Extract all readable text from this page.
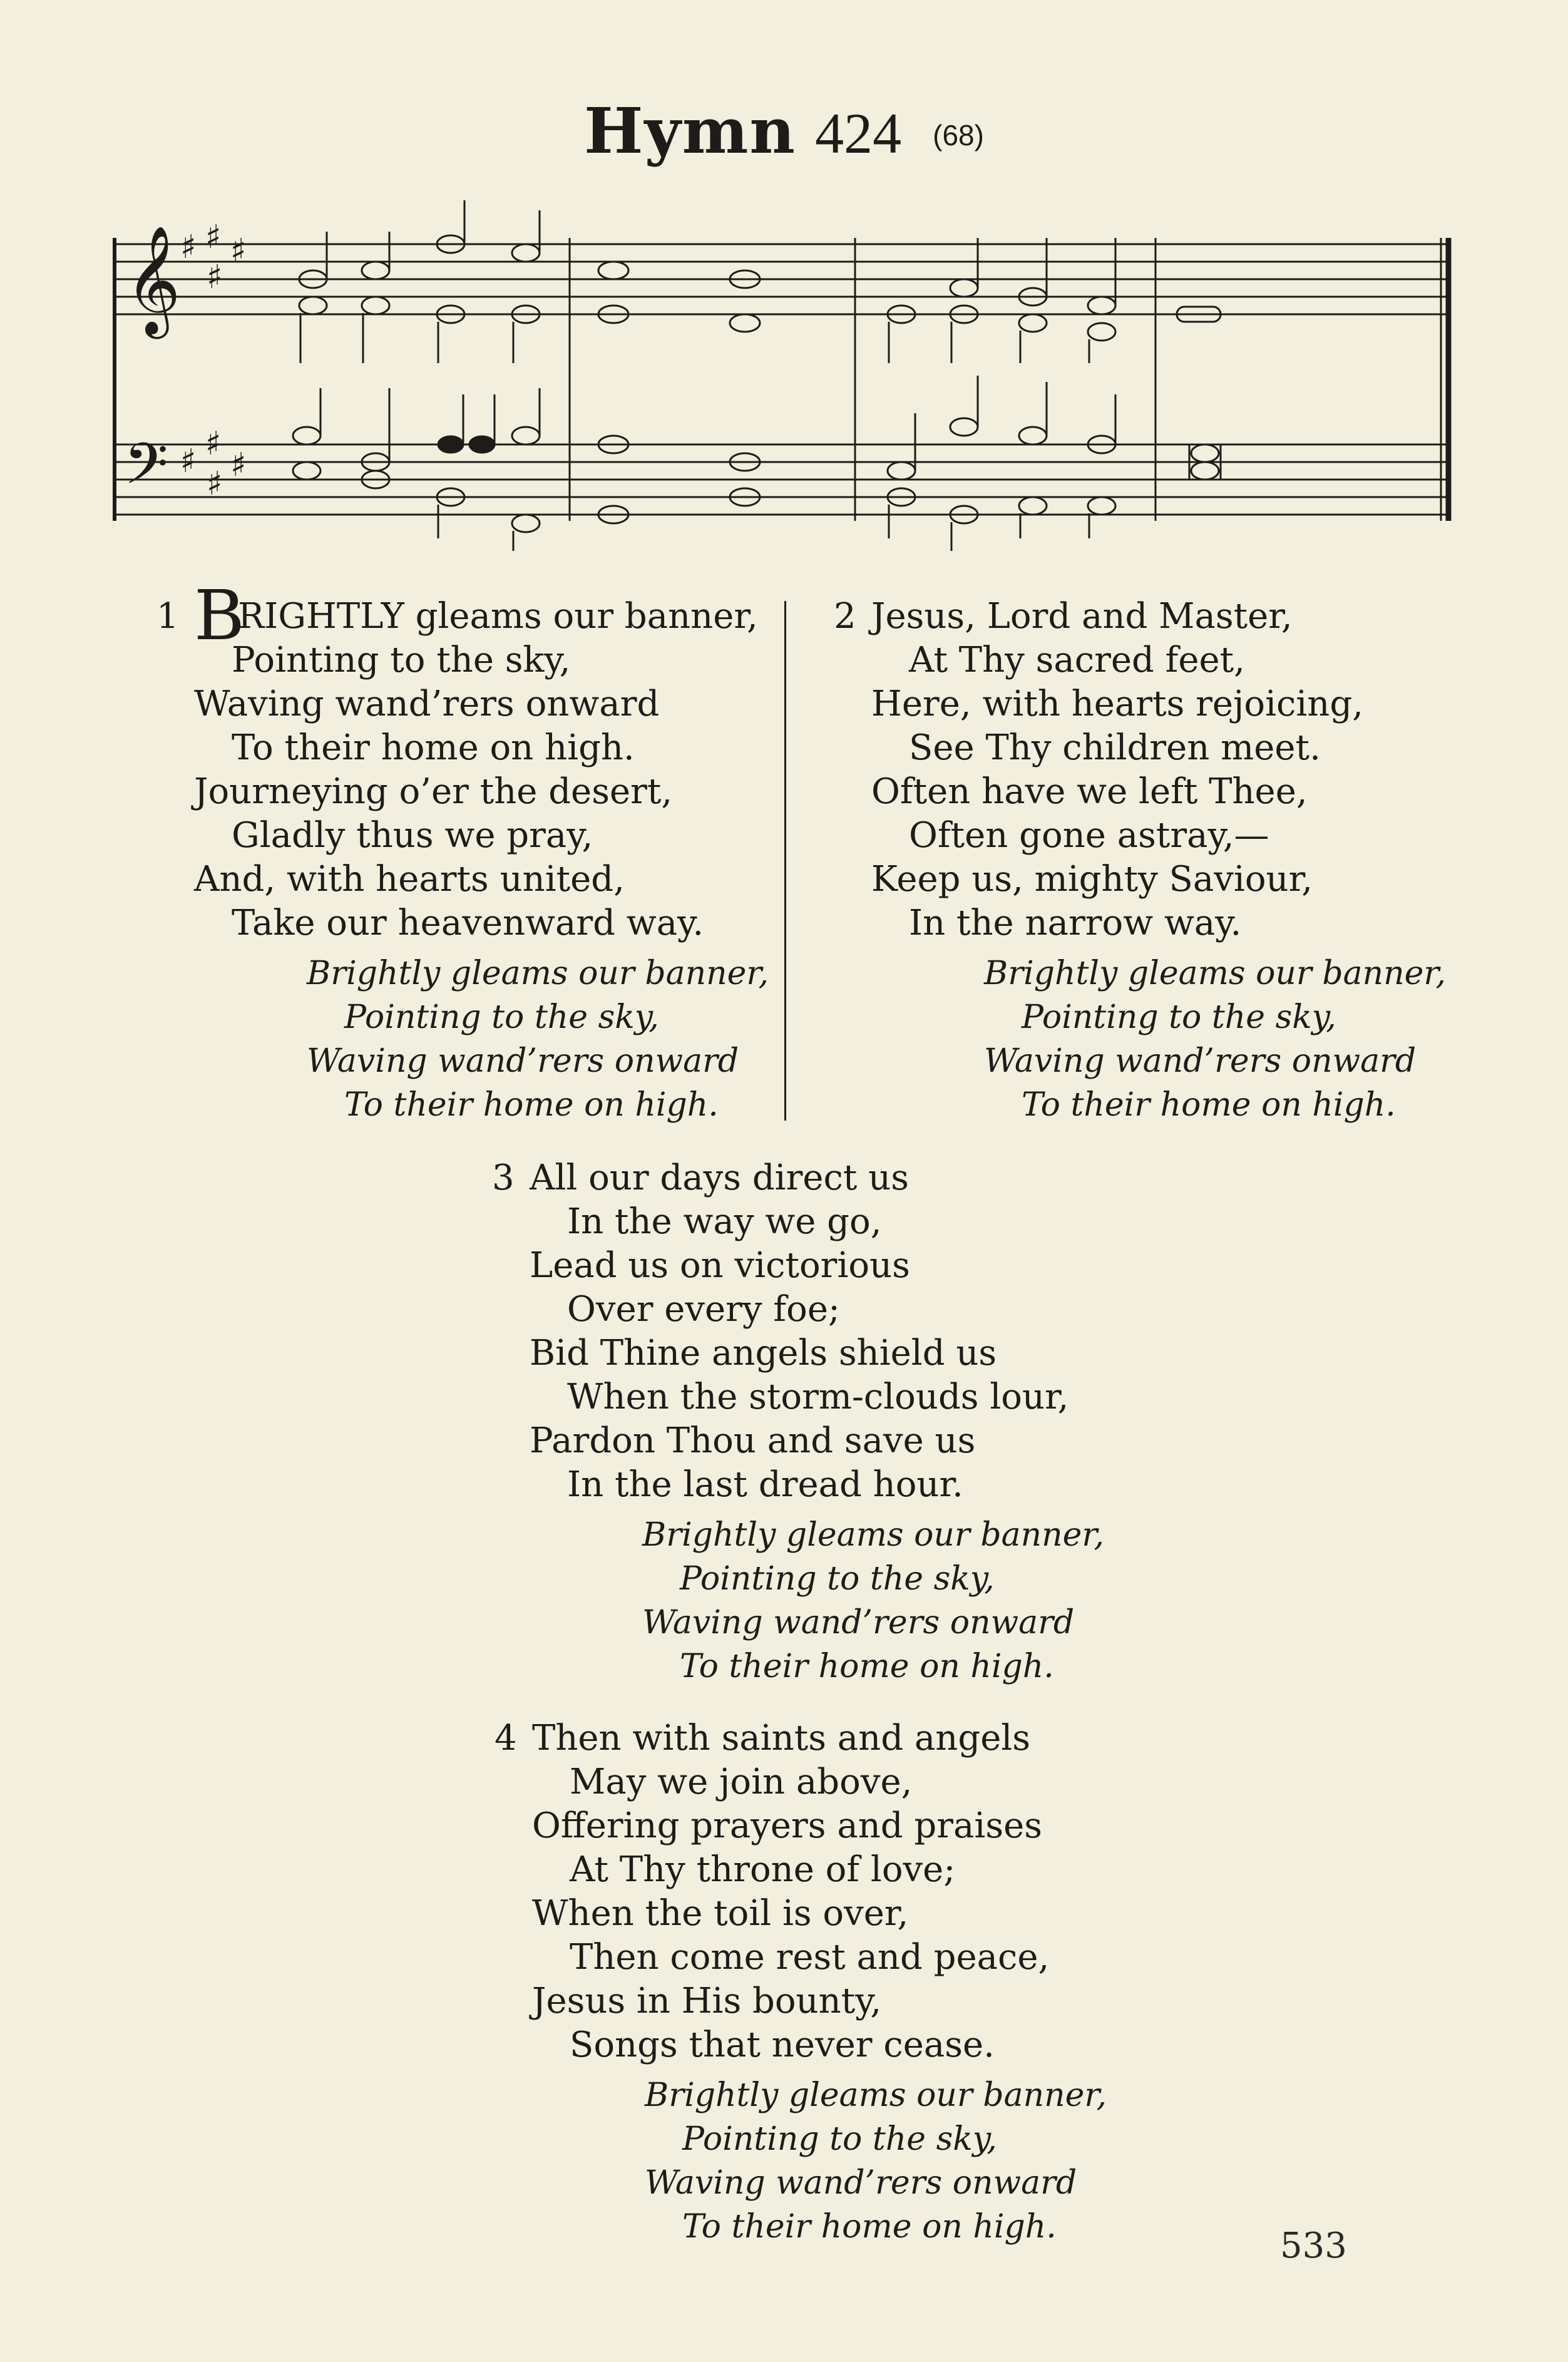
Hymn 424 (68)
𝄞
𝄢
♯ ♯ ♯
♯
♯ ♯
♯
♯
1 B
RIGHTLY gleams our banner,
Pointing to the sky,
Waving wand’rers onward
To their home on high.
Journeying o’er the desert,
Gladly thus we pray,
And, with hearts united,
Take our heavenward way.
Brightly gleams our banner,
Pointing to the sky,
Waving wand’rers onward
To their home on high.
2 Jesus, Lord and Master,
At Thy sacred feet,
Here, with hearts rejoicing,
See Thy children meet.
Often have we left Thee,
Often gone astray,—
Keep us, mighty Saviour,
In the narrow way.
Brightly gleams our banner,
Pointing to the sky,
Waving wand’rers onward
To their home on high.
3 All our days direct us
In the way we go,
Lead us on victorious
Over every foe;
Bid Thine angels shield us
When the storm-clouds lour,
Pardon Thou and save us
In the last dread hour.
Brightly gleams our banner,
Pointing to the sky,
Waving wand’rers onward
To their home on high.
4 Then with saints and angels
May we join above,
Offering prayers and praises
At Thy throne of love;
When the toil is over,
Then come rest and peace,
Jesus in His bounty,
Songs that never cease.
Brightly gleams our banner,
Pointing to the sky,
Waving wand’rers onward
To their home on high.	533
